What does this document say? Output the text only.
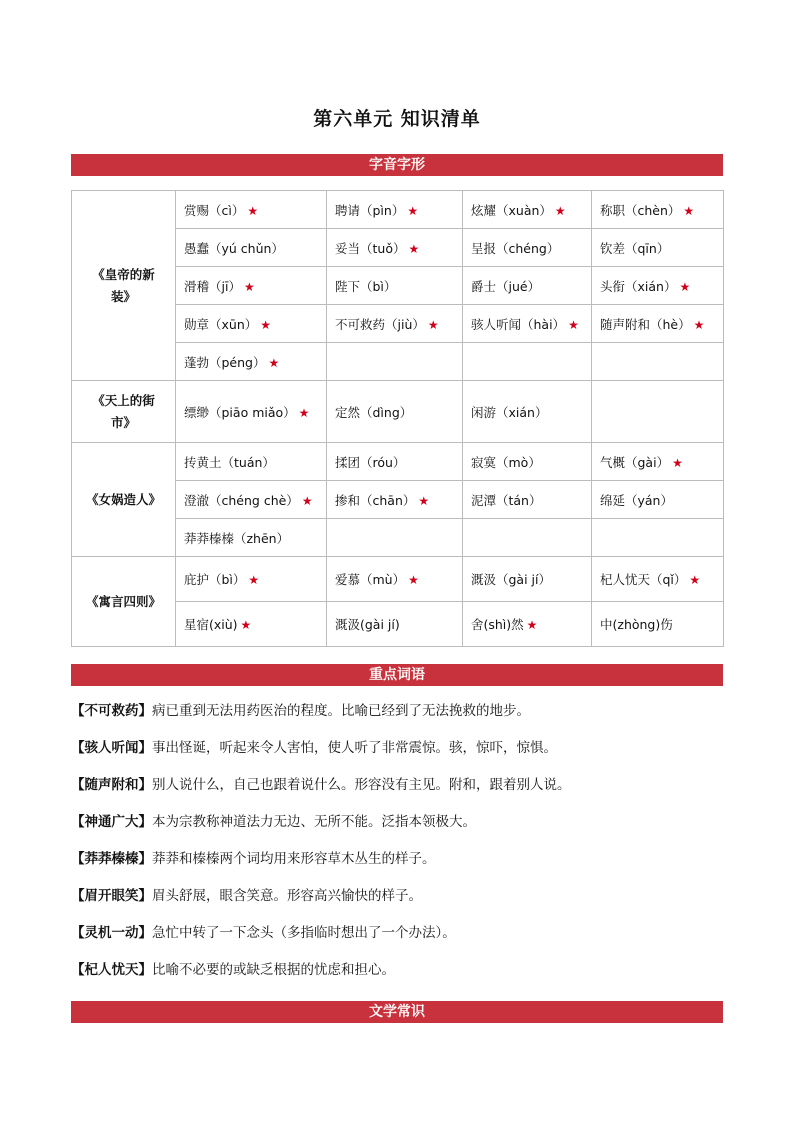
第六单元 知识清单
字音字形
《皇帝的新装》	赏赐（cì） ★	聘请（pìn） ★	炫耀（xuàn） ★	称职（chèn） ★
	愚蠢（yú chǔn）	妥当（tuǒ） ★	呈报（chéng）	钦差（qīn）
	滑稽（jī） ★	陛下（bì）	爵士（jué）	头衔（xián） ★
	勋章（xūn） ★	不可救药（jiù） ★	骇人听闻（hài） ★	随声附和（hè） ★
	蓬勃（péng） ★			
《天上的街市》	缥缈（piāo miǎo） ★	定然（dìng）	闲游（xián）	
《女娲造人》	抟黄土（tuán）	揉团（róu）	寂寞（mò）	气概（gài） ★
	澄澈（chéng chè） ★	掺和（chān） ★	泥潭（tán）	绵延（yán）
	莽莽榛榛（zhēn）			
《寓言四则》	庇护（bì） ★	爱慕（mù） ★	溉汲（gài jí）	杞人忧天（qǐ） ★
	星宿(xiù) ★	溉汲(gài jí)	舍(shì)然 ★	中(zhòng)伤
重点词语
【不可救药】病已重到无法用药医治的程度。比喻已经到了无法挽救的地步。
【骇人听闻】事出怪诞，听起来令人害怕，使人听了非常震惊。骇，惊吓，惊惧。
【随声附和】别人说什么，自己也跟着说什么。形容没有主见。附和，跟着别人说。
【神通广大】本为宗教称神道法力无边、无所不能。泛指本领极大。
【莽莽榛榛】莽莽和榛榛两个词均用来形容草木丛生的样子。
【眉开眼笑】眉头舒展，眼含笑意。形容高兴愉快的样子。
【灵机一动】急忙中转了一下念头（多指临时想出了一个办法）。
【杞人忧天】比喻不必要的或缺乏根据的忧虑和担心。
文学常识
